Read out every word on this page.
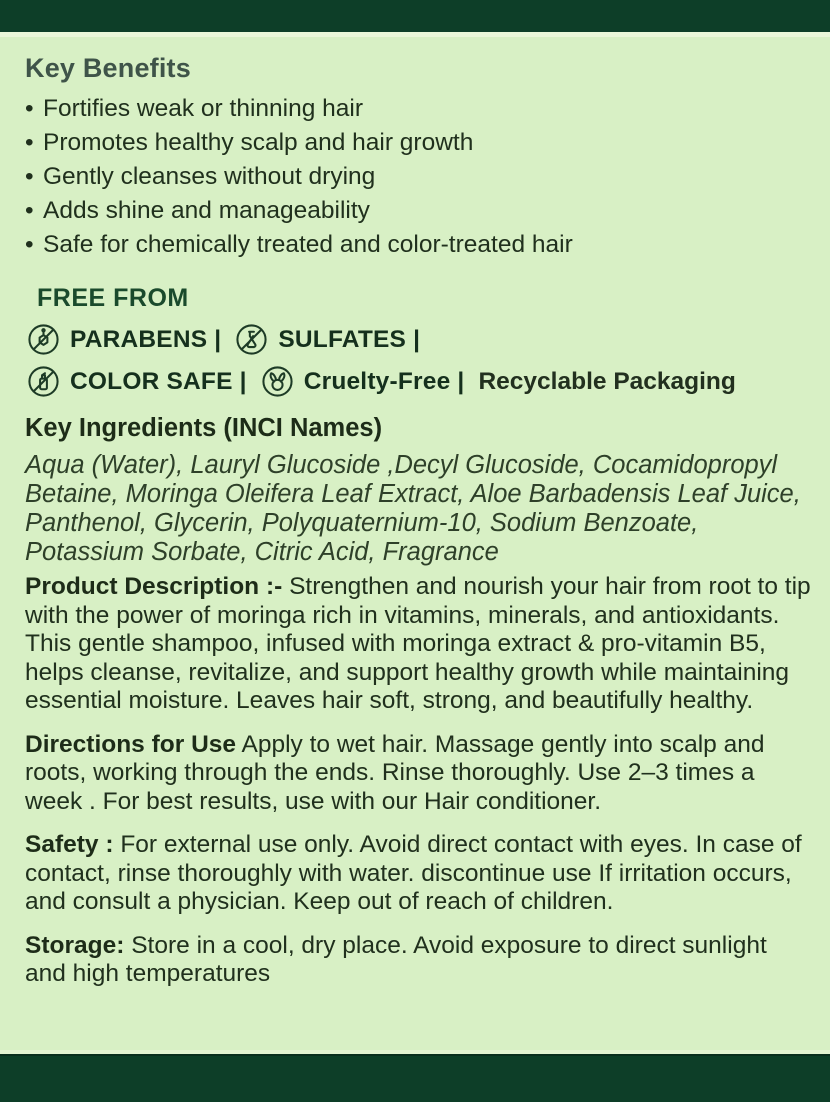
Key Benefits
• Fortifies weak or thinning hair
• Promotes healthy scalp and hair growth
• Gently cleanses without drying
• Adds shine and manageability
• Safe for chemically treated and color-treated hair
FREE FROM
PARABENS | SULFATES |
COLOR SAFE | Cruelty-Free | Recyclable Packaging
Key Ingredients (INCI Names)
Aqua (Water), Lauryl Glucoside ,Decyl Glucoside, Cocamidopropyl Betaine, Moringa Oleifera Leaf Extract, Aloe Barbadensis Leaf Juice, Panthenol, Glycerin, Polyquaternium-10, Sodium Benzoate, Potassium Sorbate, Citric Acid, Fragrance

Product Description :- Strengthen and nourish your hair from root to tip with the power of moringa rich in vitamins, minerals, and antioxidants. This gentle shampoo, infused with moringa extract & pro-vitamin B5, helps cleanse, revitalize, and support healthy growth while maintaining essential moisture. Leaves hair soft, strong, and beautifully healthy.

Directions for Use Apply to wet hair. Massage gently into scalp and roots, working through the ends. Rinse thoroughly. Use 2–3 times a week . For best results, use with our Hair conditioner.

Safety : For external use only. Avoid direct contact with eyes. In case of contact, rinse thoroughly with water. discontinue use If irritation occurs, and consult a physician. Keep out of reach of children.

Storage: Store in a cool, dry place. Avoid exposure to direct sunlight and high temperatures
